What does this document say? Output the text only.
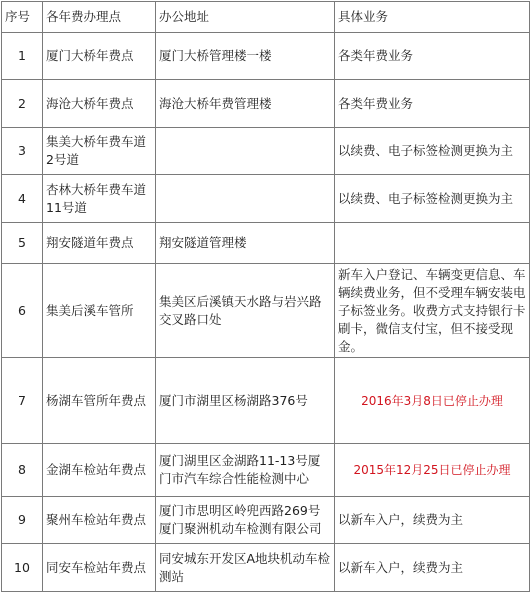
序号	各年费办理点	办公地址	具体业务
1	厦门大桥年费点	厦门大桥管理楼一楼	各类年费业务
2	海沧大桥年费点	海沧大桥年费管理楼	各类年费业务
3	集美大桥年费车道2号道		以续费、电子标签检测更换为主
4	杏林大桥年费车道11号道		以续费、电子标签检测更换为主
5	翔安隧道年费点	翔安隧道管理楼	
6	集美后溪车管所	集美区后溪镇天水路与岩兴路交叉路口处	新车入户登记、车辆变更信息、车辆续费业务，但不受理车辆安装电子标签业务。收费方式支持银行卡刷卡，微信支付宝，但不接受现金。
7	杨湖车管所年费点	厦门市湖里区杨湖路376号	2016年3月8日已停止办理
8	金湖车检站年费点	厦门湖里区金湖路11-13号厦门市汽车综合性能检测中心	2015年12月25日已停止办理
9	聚州车检站年费点	厦门市思明区岭兜西路269号厦门聚洲机动车检测有限公司	以新车入户，续费为主
10	同安车检站年费点	同安城东开发区A地块机动车检测站	以新车入户，续费为主
